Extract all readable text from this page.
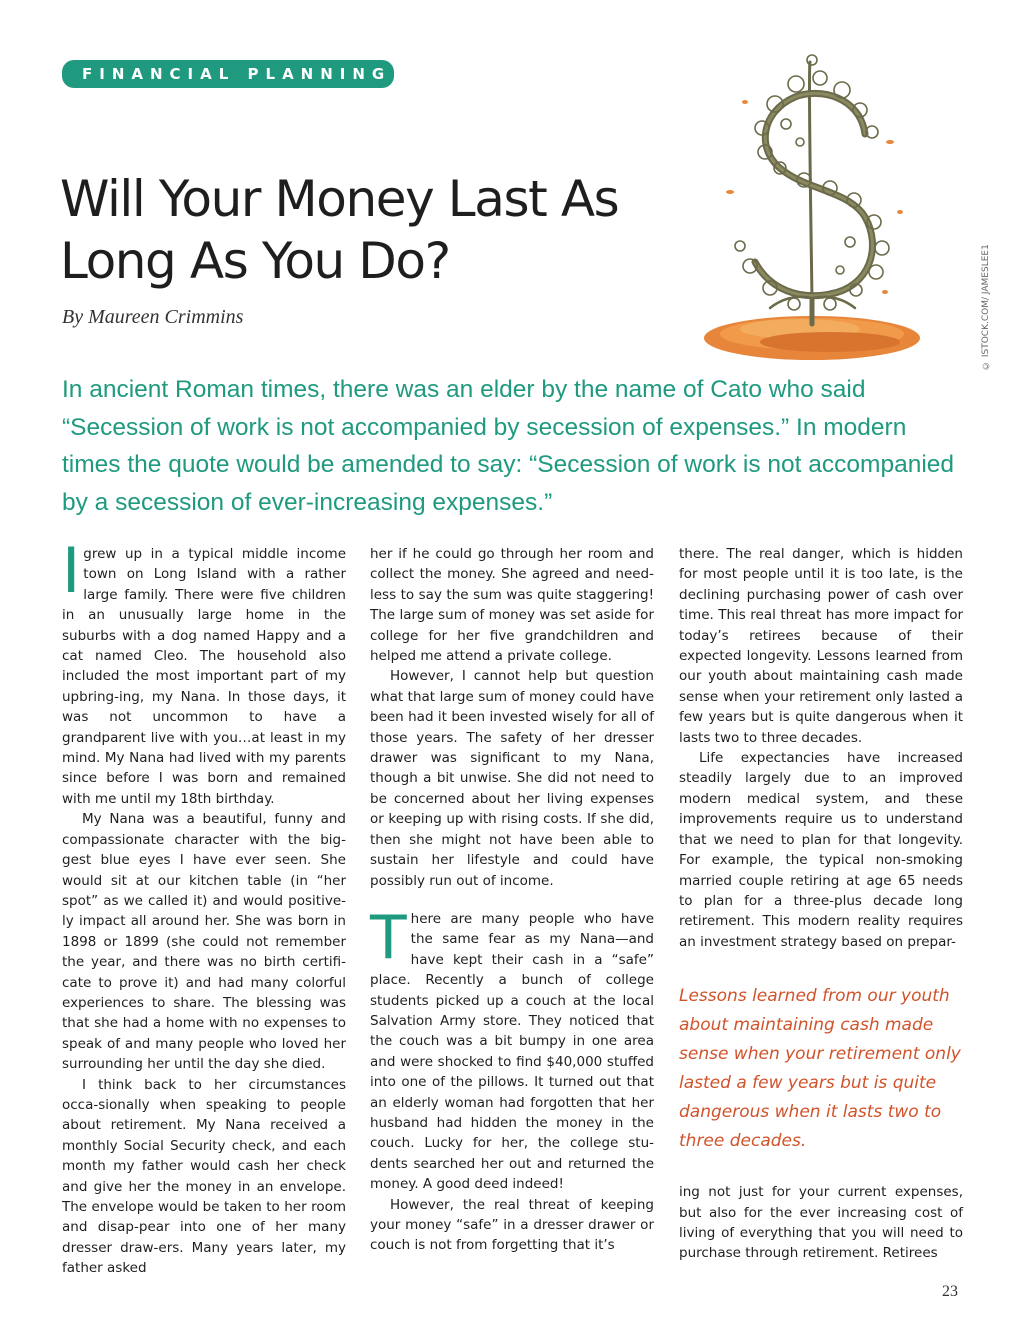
FINANCIAL PLANNING
Will Your Money Last As
Long As You Do?

By Maureen Crimmins	© ISTOCK.COM/ JAMESLEE1

In ancient Roman times, there was an elder by the name of Cato who said “Secession of work is not accompanied by secession of expenses.” In modern times the quote would be amended to say: “Secession of work is not accompanied by a secession of ever-increasing expenses.”

Igrew up in a typical middle income town on Long Island with a rather large family. There were five children in an unusually large home in the suburbs with a dog named Happy and a cat named Cleo. The household also included the most important part of my upbring-ing, my Nana. In those days, it was not uncommon to have a grandparent live with you…at least in my mind. My Nana had lived with my parents since before I was born and remained with me until my 18th birthday.

My Nana was a beautiful, funny and compassionate character with the big-gest blue eyes I have ever seen. She would sit at our kitchen table (in “her spot” as we called it) and would positive-ly impact all around her. She was born in 1898 or 1899 (she could not remember the year, and there was no birth certifi-cate to prove it) and had many colorful experiences to share. The blessing was that she had a home with no expenses to speak of and many people who loved her surrounding her until the day she died.

I think back to her circumstances occa-sionally when speaking to people about retirement. My Nana received a monthly Social Security check, and each month my father would cash her check and give her the money in an envelope. The envelope would be taken to her room and disap-pear into one of her many dresser draw-ers. Many years later, my father asked

her if he could go through her room and collect the money. She agreed and need-less to say the sum was quite staggering! The large sum of money was set aside for college for her five grandchildren and helped me attend a private college.

However, I cannot help but question what that large sum of money could have been had it been invested wisely for all of those years. The safety of her dresser drawer was significant to my Nana, though a bit unwise. She did not need to be concerned about her living expenses or keeping up with rising costs. If she did, then she might not have been able to sustain her lifestyle and could have possibly run out of income.

There are many people who have the same fear as my Nana—and have kept their cash in a “safe” place. Recently a bunch of college students picked up a couch at the local Salvation Army store. They noticed that the couch was a bit bumpy in one area and were shocked to find $40,000 stuffed into one of the pillows. It turned out that an elderly woman had forgotten that her husband had hidden the money in the couch. Lucky for her, the college stu-dents searched her out and returned the money. A good deed indeed!

However, the real threat of keeping your money “safe” in a dresser drawer or couch is not from forgetting that it’s

there. The real danger, which is hidden for most people until it is too late, is the declining purchasing power of cash over time. This real threat has more impact for today’s retirees because of their expected longevity. Lessons learned from our youth about maintaining cash made sense when your retirement only lasted a few years but is quite dangerous when it lasts two to three decades.

Life expectancies have increased steadily largely due to an improved modern medical system, and these improvements require us to understand that we need to plan for that longevity. For example, the typical non-smoking married couple retiring at age 65 needs to plan for a three-plus decade long retirement. This modern reality requires an investment strategy based on prepar-

Lessons learned from our youth about maintaining cash made sense when your retirement only lasted a few years but is quite dangerous when it lasts two to three decades.

ing not just for your current expenses, but also for the ever increasing cost of living of everything that you will need to purchase through retirement. Retirees

23
